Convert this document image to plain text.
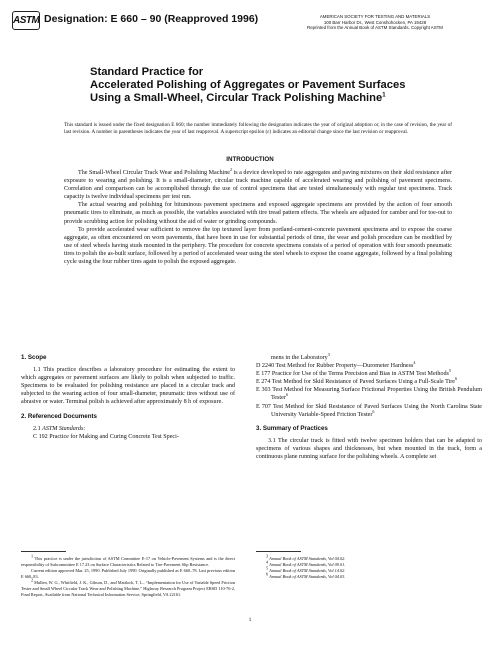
ASTM Designation: E 660 – 90 (Reapproved 1996)	AMERICAN SOCIETY FOR TESTING AND MATERIALS
100 Barr Harbor Dr., West Conshohocken, PA 19428
Reprinted from the Annual Book of ASTM Standards. Copyright ASTM
Standard Practice for
Accelerated Polishing of Aggregates or Pavement Surfaces
Using a Small-Wheel, Circular Track Polishing Machine$^1$
This standard is issued under the fixed designation E 660; the number immediately following the designation indicates the year of original adoption or, in the case of revision, the year of last revision. A number in parentheses indicates the year of last reapproval. A superscript epsilon (ε) indicates an editorial change since the last revision or reapproval.
INTRODUCTION

The Small-Wheel Circular Track Wear and Polishing Machine$^2$ is a device developed to rate aggregates and paving mixtures on their skid resistance after exposure to wearing and polishing. It is a small-diameter, circular track machine capable of accelerated wearing and polishing of pavement specimens. Correlation and comparison can be accomplished through the use of control specimens that are tested simultaneously with regular test specimens. Track capacity is twelve individual specimens per test run.

The actual wearing and polishing for bituminous pavement specimens and exposed aggregate specimens are provided by the action of four smooth pneumatic tires to eliminate, as much as possible, the variables associated with tire tread pattern effects. The wheels are adjusted for camber and for toe-out to provide scrubbing action for polishing without the aid of water or grinding compounds.

To provide accelerated wear sufficient to remove the top textured layer from portland-cement-concrete pavement specimens and to expose the coarse aggregate, as often encountered on worn pavements, that have been in use for substantial periods of time, the wear and polish procedure can be modified by use of steel wheels having studs mounted in the periphery. The procedure for concrete specimens consists of a period of operation with four smooth pneumatic tires to polish the as-built surface, followed by a period of accelerated wear using the steel wheels to expose the coarse aggregate, followed by a final polishing cycle using the four rubber tires again to polish the exposed aggregate.

1. Scope

1.1 This practice describes a laboratory procedure for estimating the extent to which aggregates or pavement surfaces are likely to polish when subjected to traffic. Specimens to be evaluated for polishing resistance are placed in a circular track and subjected to the wearing action of four small-diameter, pneumatic tires without use of abrasive or water. Terminal polish is achieved after approximately 8 h of exposure.

2. Referenced Documents

2.1 ASTM Standards:

C 192 Practice for Making and Curing Concrete Test Speci-

mens in the Laboratory$^3$

D 2240 Test Method for Rubber Property—Durometer Hardness$^4$

E 177 Practice for Use of the Terms Precision and Bias in ASTM Test Methods$^5$

E 274 Test Method for Skid Resistance of Paved Surfaces Using a Full-Scale Tire$^6$

E 303 Test Method for Measuring Surface Frictional Properties Using the British Pendulum Tester$^6$

E 707 Test Method for Skid Resistance of Paved Surfaces Using the North Carolina State University Variable-Speed Friction Tester$^6$

3. Summary of Practices

3.1 The circular track is fitted with twelve specimen holders that can be adapted to specimens of various shapes and thicknesses, but when mounted in the track, form a continuous plane running surface for the polishing wheels. A complete set

$^1$ This practice is under the jurisdiction of ASTM Committee E-17 on Vehicle-Pavement Systems and is the direct responsibility of Subcommittee E 17.23 on Surface Characteristics Related to Tire-Pavement Slip Resistance.

Current edition approved Mar. 25, 1990. Published July 1990. Originally published as E 660–78. Last previous edition E 660–83.

$^2$ Mullen, W. G., Whitfield, J. K., Gibson, D., and Mattlock, T. L., “Implementation for Use of Variable Speed Friction Tester and Small Wheel Circular Track Wear and Polishing Machine,” Highway Research Program Project ERSD 110-76-2, Final Report, Available from National Technical Information Service, Springfield, VA 22161.

$^3$ Annual Book of ASTM Standards, Vol 04.02.

$^4$ Annual Book of ASTM Standards, Vol 09.01.

$^5$ Annual Book of ASTM Standards, Vol 14.02.

$^6$ Annual Book of ASTM Standards, Vol 04.03.

1
